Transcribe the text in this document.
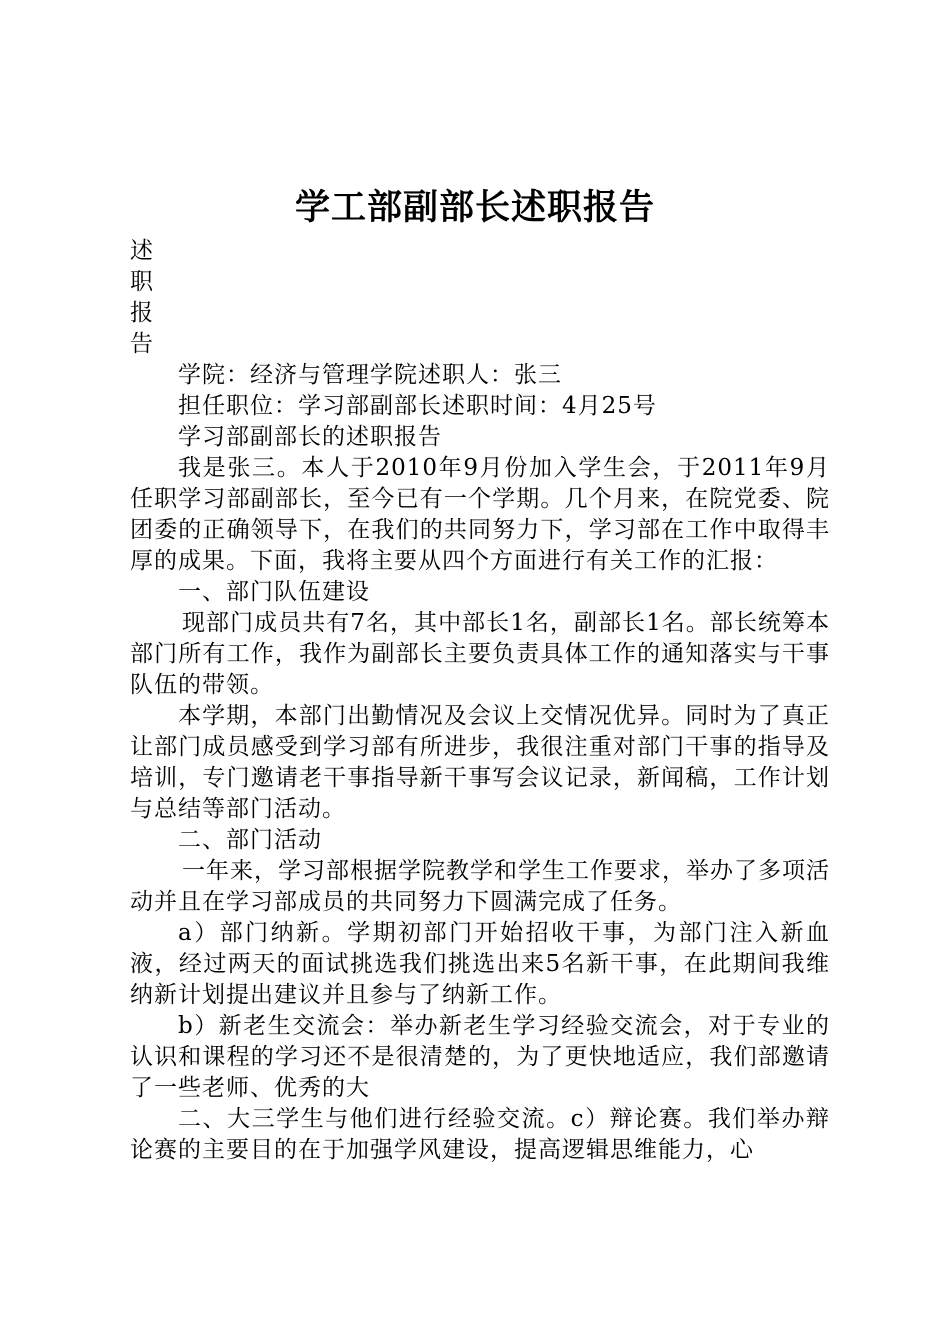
学工部副部长述职报告

述

职

报

告

学院：经济与管理学院述职人：张三

担任职位：学习部副部长述职时间：4月25号

学习部副部长的述职报告

我是张三。本人于2010年9月份加入学生会，于2011年9月任职学习部副部长，至今已有一个学期。几个月来，在院党委、院团委的正确领导下，在我们的共同努力下，学习部在工作中取得丰厚的成果。下面，我将主要从四个方面进行有关工作的汇报：

一、部门队伍建设

现部门成员共有7名，其中部长1名，副部长1名。部长统筹本部门所有工作，我作为副部长主要负责具体工作的通知落实与干事队伍的带领。

本学期，本部门出勤情况及会议上交情况优异。同时为了真正让部门成员感受到学习部有所进步，我很注重对部门干事的指导及培训，专门邀请老干事指导新干事写会议记录，新闻稿，工作计划与总结等部门活动。

二、部门活动

一年来，学习部根据学院教学和学生工作要求，举办了多项活动并且在学习部成员的共同努力下圆满完成了任务。

a）部门纳新。学期初部门开始招收干事，为部门注入新血液，经过两天的面试挑选我们挑选出来5名新干事，在此期间我维纳新计划提出建议并且参与了纳新工作。

b）新老生交流会：举办新老生学习经验交流会，对于专业的认识和课程的学习还不是很清楚的，为了更快地适应，我们部邀请了一些老师、优秀的大

二、大三学生与他们进行经验交流。c）辩论赛。我们举办辩论赛的主要目的在于加强学风建设，提高逻辑思维能力，心
